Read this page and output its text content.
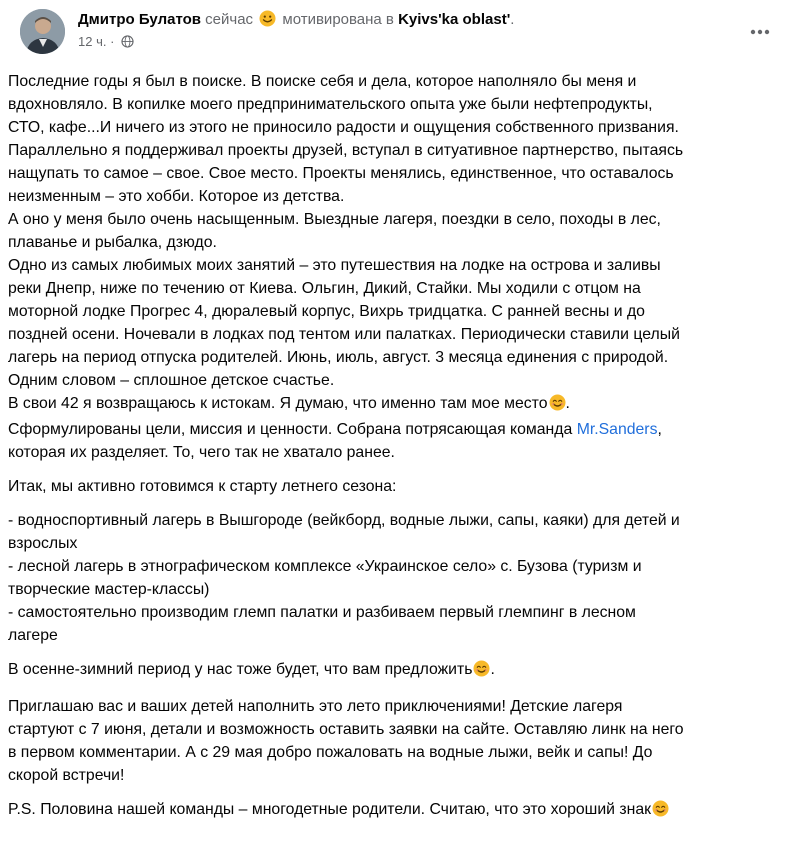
Дмитро Булатов сейчас мотивирована в Kyivs'ka oblast'.
12 ч. ·

Последние годы я был в поиске. В поиске себя и дела, которое наполняло бы меня и
вдохновляло. В копилке моего предпринимательского опыта уже были нефтепродукты,
СТО, кафе...И ничего из этого не приносило радости и ощущения собственного призвания.
Параллельно я поддерживал проекты друзей, вступал в ситуативное партнерство, пытаясь
нащупать то самое – свое. Свое место. Проекты менялись, единственное, что оставалось
неизменным – это хобби. Которое из детства.
А оно у меня было очень насыщенным. Выездные лагеря, поездки в село, походы в лес,
плаванье и рыбалка, дзюдо.
Одно из самых любимых моих занятий – это путешествия на лодке на острова и заливы
реки Днепр, ниже по течению от Киева. Ольгин, Дикий, Стайки. Мы ходили с отцом на
моторной лодке Прогрес 4, дюралевый корпус, Вихрь тридцатка. С ранней весны и до
поздней осени. Ночевали в лодках под тентом или палатках. Периодически ставили целый
лагерь на период отпуска родителей. Июнь, июль, август. 3 месяца единения с природой.
Одним словом – сплошное детское счастье.
В свои 42 я возвращаюсь к истокам. Я думаю, что именно там мое место .
Сформулированы цели, миссия и ценности. Собрана потрясающая команда Mr.Sanders,
которая их разделяет. То, чего так не хватало ранее.

Итак, мы активно готовимся к старту летнего сезона:

- водноспортивный лагерь в Вышгороде (вейкборд, водные лыжи, сапы, каяки) для детей и
взрослых
- лесной лагерь в этнографическом комплексе «Украинское село» с. Бузова (туризм и
творческие мастер-классы)
- самостоятельно производим глемп палатки и разбиваем первый глемпинг в лесном
лагере

В осенне-зимний период у нас тоже будет, что вам предложить .

Приглашаю вас и ваших детей наполнить это лето приключениями! Детские лагеря
стартуют с 7 июня, детали и возможность оставить заявки на сайте. Оставляю линк на него
в первом комментарии. А с 29 мая добро пожаловать на водные лыжи, вейк и сапы! До
скорой встречи!

P.S. Половина нашей команды – многодетные родители. Считаю, что это хороший знак
